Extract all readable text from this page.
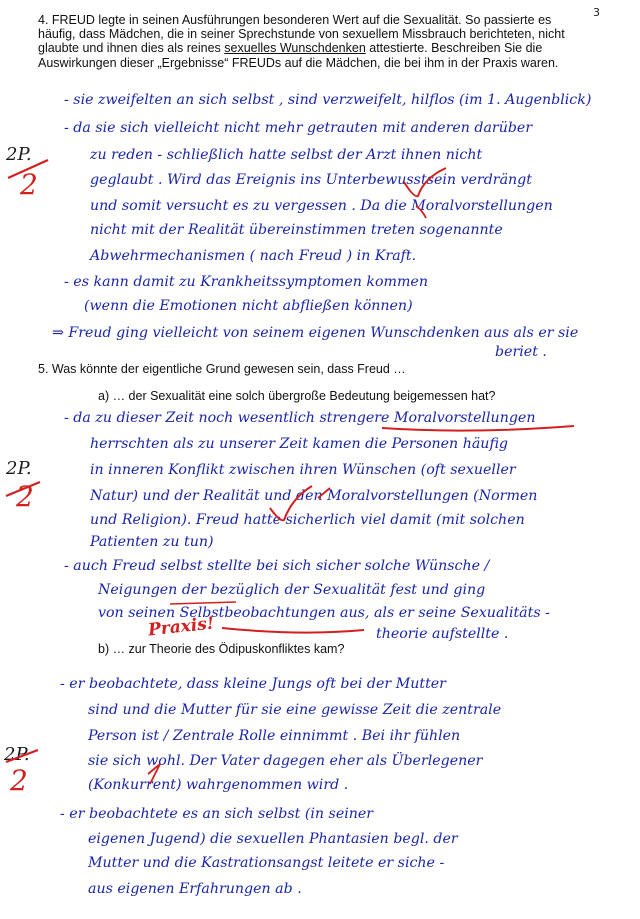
3

4. FREUD legte in seinen Ausführungen besonderen Wert auf die Sexualität. So passierte es häufig, dass Mädchen, die in seiner Sprechstunde von sexuellem Missbrauch berichteten, nicht glaubte und ihnen dies als reines sexuelles Wunschdenken attestierte. Beschreiben Sie die Auswirkungen dieser „Ergebnisse“ FREUDs auf die Mädchen, die bei ihm in der Praxis waren.

- sie zweifelten an sich selbst , sind verzweifelt, hilflos (im 1. Augenblick)
- da sie sich vielleicht nicht mehr getrauten mit anderen darüber
zu reden - schließlich hatte selbst der Arzt ihnen nicht
geglaubt . Wird das Ereignis ins Unterbewusstsein verdrängt
und somit versucht es zu vergessen . Da die Moralvorstellungen
nicht mit der Realität übereinstimmen treten sogenannte
Abwehrmechanismen ( nach Freud ) in Kraft.
- es kann damit zu Krankheitssymptomen kommen
(wenn die Emotionen nicht abfließen können)
⇒ Freud ging vielleicht von seinem eigenen Wunschdenken aus als er sie
beriet .

5. Was könnte der eigentliche Grund gewesen sein, dass Freud …

a) … der Sexualität eine solch übergroße Bedeutung beigemessen hat?

- da zu dieser Zeit noch wesentlich strengere Moralvorstellungen
herrschten als zu unserer Zeit kamen die Personen häufig
in inneren Konflikt zwischen ihren Wünschen (oft sexueller
Natur) und der Realität und den Moralvorstellungen (Normen
und Religion). Freud hatte sicherlich viel damit (mit solchen
Patienten zu tun)
- auch Freud selbst stellte bei sich sicher solche Wünsche /
Neigungen der bezüglich der Sexualität fest und ging
von seinen Selbstbeobachtungen aus, als er seine Sexualitäts -
theorie aufstellte .

b) … zur Theorie des Ödipuskonfliktes kam?

- er beobachtete, dass kleine Jungs oft bei der Mutter
sind und die Mutter für sie eine gewisse Zeit die zentrale
Person ist / Zentrale Rolle einnimmt . Bei ihr fühlen
sie sich wohl. Der Vater dagegen eher als Überlegener
(Konkurrent) wahrgenommen wird .
- er beobachtete es an sich selbst (in seiner
eigenen Jugend) die sexuellen Phantasien begl. der
Mutter und die Kastrationsangst leitete er siche -
aus eigenen Erfahrungen ab .
2P.
2
2P.
2
2P.
2
Praxis!
